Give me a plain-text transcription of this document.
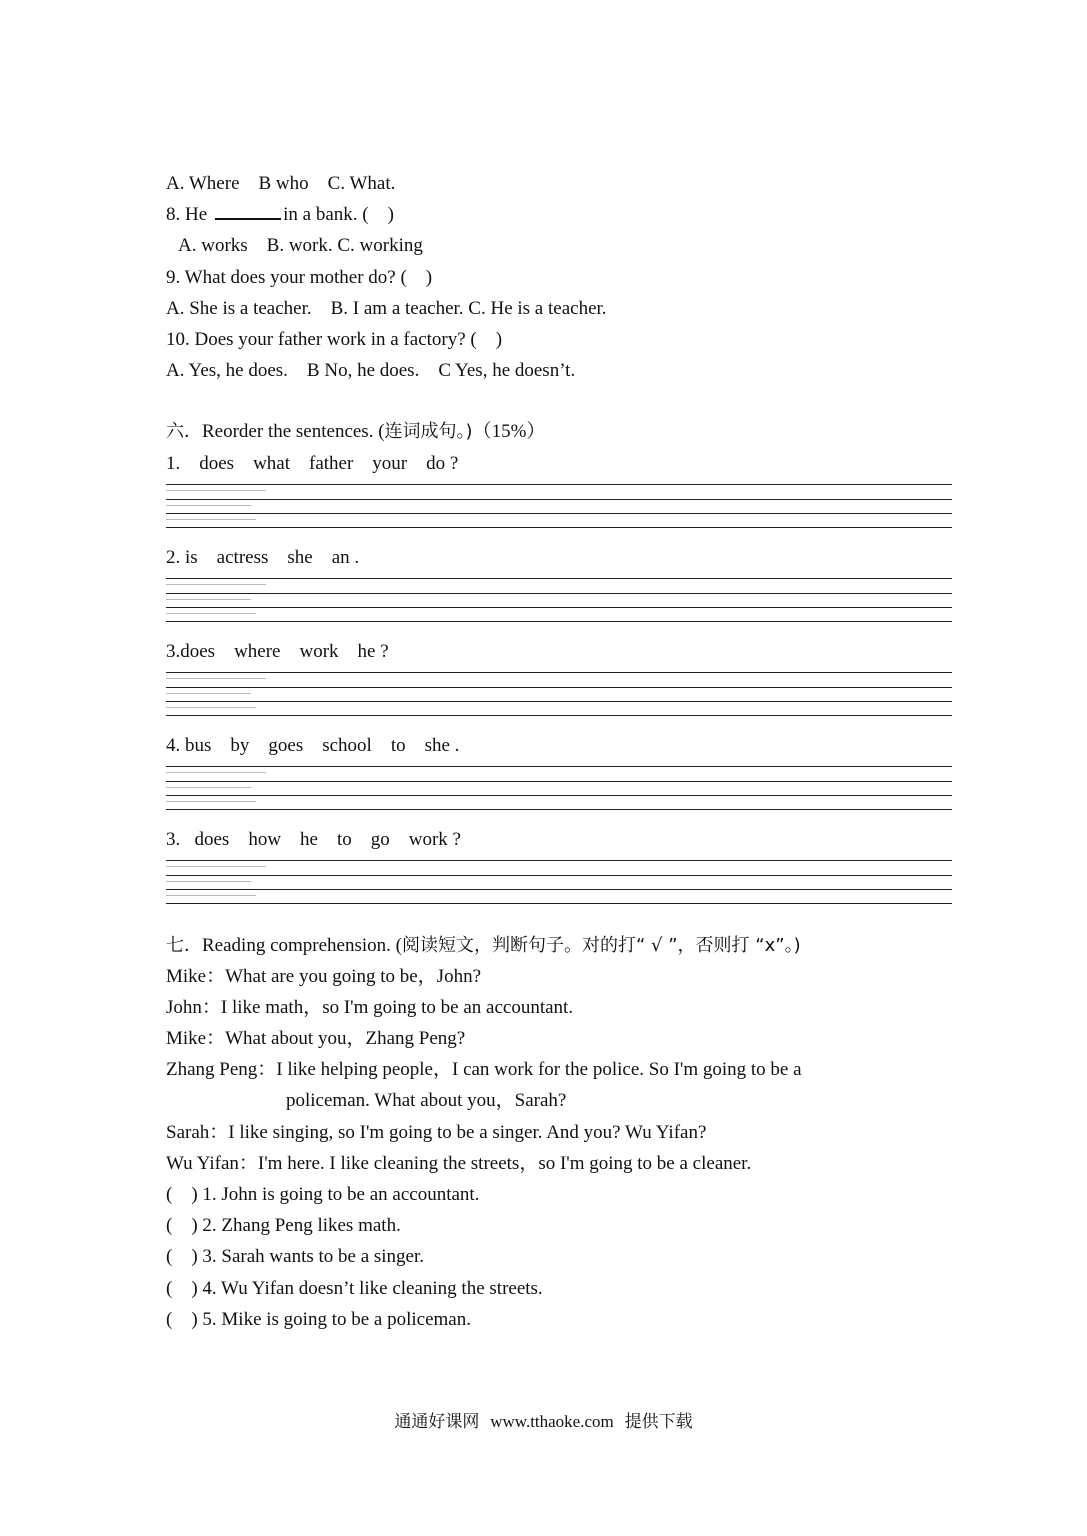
A. Where    B who    C. What.
8. He	in a bank. (    )
A. works    B. work. C. working
9. What does your mother do? (    )
A. She is a teacher.    B. I am a teacher. C. He is a teacher.
10. Does your father work in a factory? (    )
A. Yes, he does.    B No, he does.    C Yes, he doesn’t.
六．Reorder the sentences. (连词成句。)（15%）
1.    does    what    father    your    do ?
2. is    actress    she    an .
3.does    where    work    he ?
4. bus    by    goes    school    to    she .
3.   does    how    he    to    go    work ?
七．Reading comprehension. (阅读短文，判断句子。对的打“ √ ”，否则打 “x”。)
Mike：What are you going to be，John?
John：I like math，so I'm going to be an accountant.
Mike：What about you，Zhang Peng?
Zhang Peng：I like helping people，I can work for the police. So I'm going to be a
policeman. What about you，Sarah?
Sarah：I like singing, so I'm going to be a singer. And you? Wu Yifan?
Wu Yifan：I'm here. I like cleaning the streets，so I'm going to be a cleaner.
(    ) 1. John is going to be an accountant.
(    ) 2. Zhang Peng likes math.
(    ) 3. Sarah wants to be a singer.
(    ) 4. Wu Yifan doesn’t like cleaning the streets.
(    ) 5. Mike is going to be a policeman.
通通好课网 www.tthaoke.com 提供下载
